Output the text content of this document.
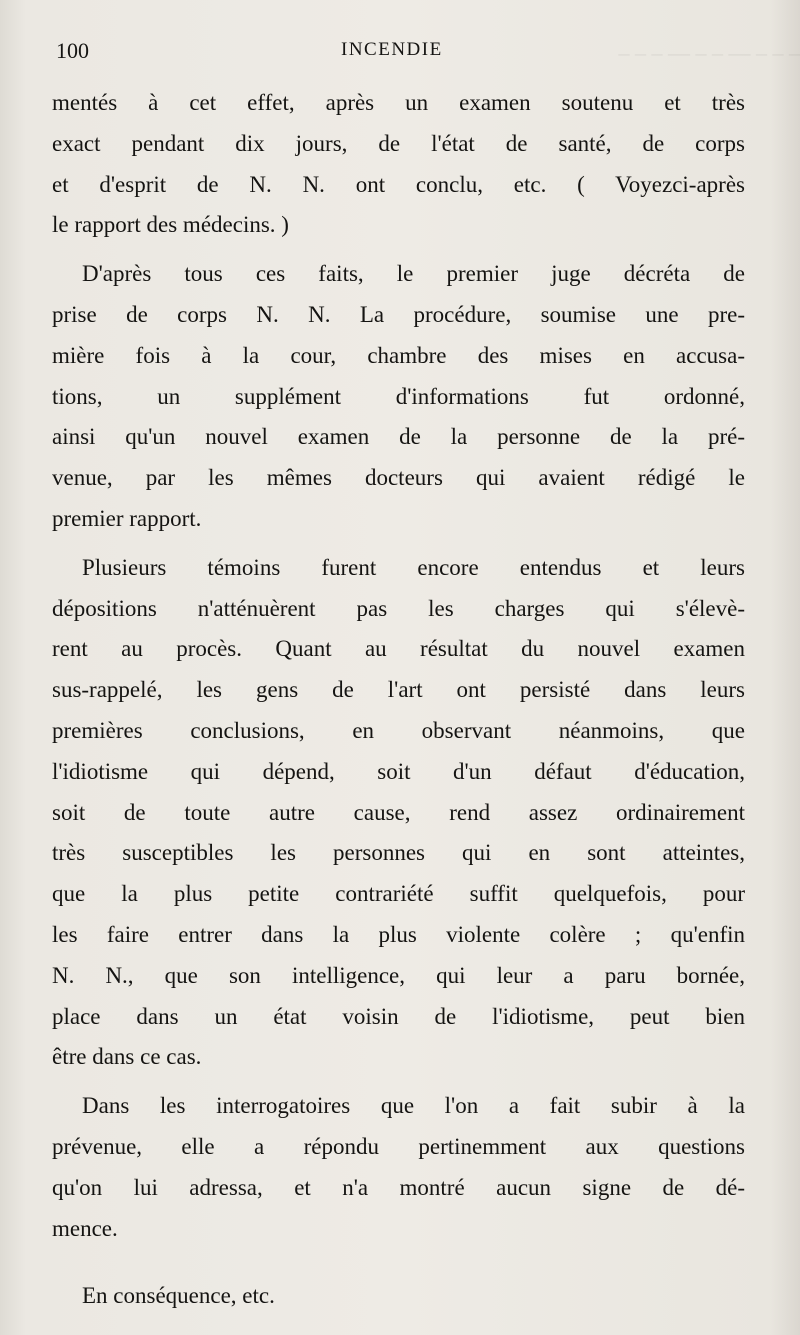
– – – — – – — – – –
100	INCENDIE
mentés à cet effet, après un examen soutenu et très
exact pendant dix jours, de l'état de santé, de corps
et d'esprit de N. N. ont conclu, etc. ( Voyezci-après
le rapport des médecins. )
D'après tous ces faits, le premier juge décréta de
prise de corps N. N. La procédure, soumise une pre-
mière fois à la cour, chambre des mises en accusa-
tions, un supplément d'informations fut ordonné,
ainsi qu'un nouvel examen de la personne de la pré-
venue, par les mêmes docteurs qui avaient rédigé le
premier rapport.
Plusieurs témoins furent encore entendus et leurs
dépositions n'atténuèrent pas les charges qui s'élevè-
rent au procès. Quant au résultat du nouvel examen
sus-rappelé, les gens de l'art ont persisté dans leurs
premières conclusions, en observant néanmoins, que
l'idiotisme qui dépend, soit d'un défaut d'éducation,
soit de toute autre cause, rend assez ordinairement
très susceptibles les personnes qui en sont atteintes,
que la plus petite contrariété suffit quelquefois, pour
les faire entrer dans la plus violente colère ; qu'enfin
N. N., que son intelligence, qui leur a paru bornée,
place dans un état voisin de l'idiotisme, peut bien
être dans ce cas.
Dans les interrogatoires que l'on a fait subir à la
prévenue, elle a répondu pertinemment aux questions
qu'on lui adressa, et n'a montré aucun signe de dé-
mence.
En conséquence, etc.
